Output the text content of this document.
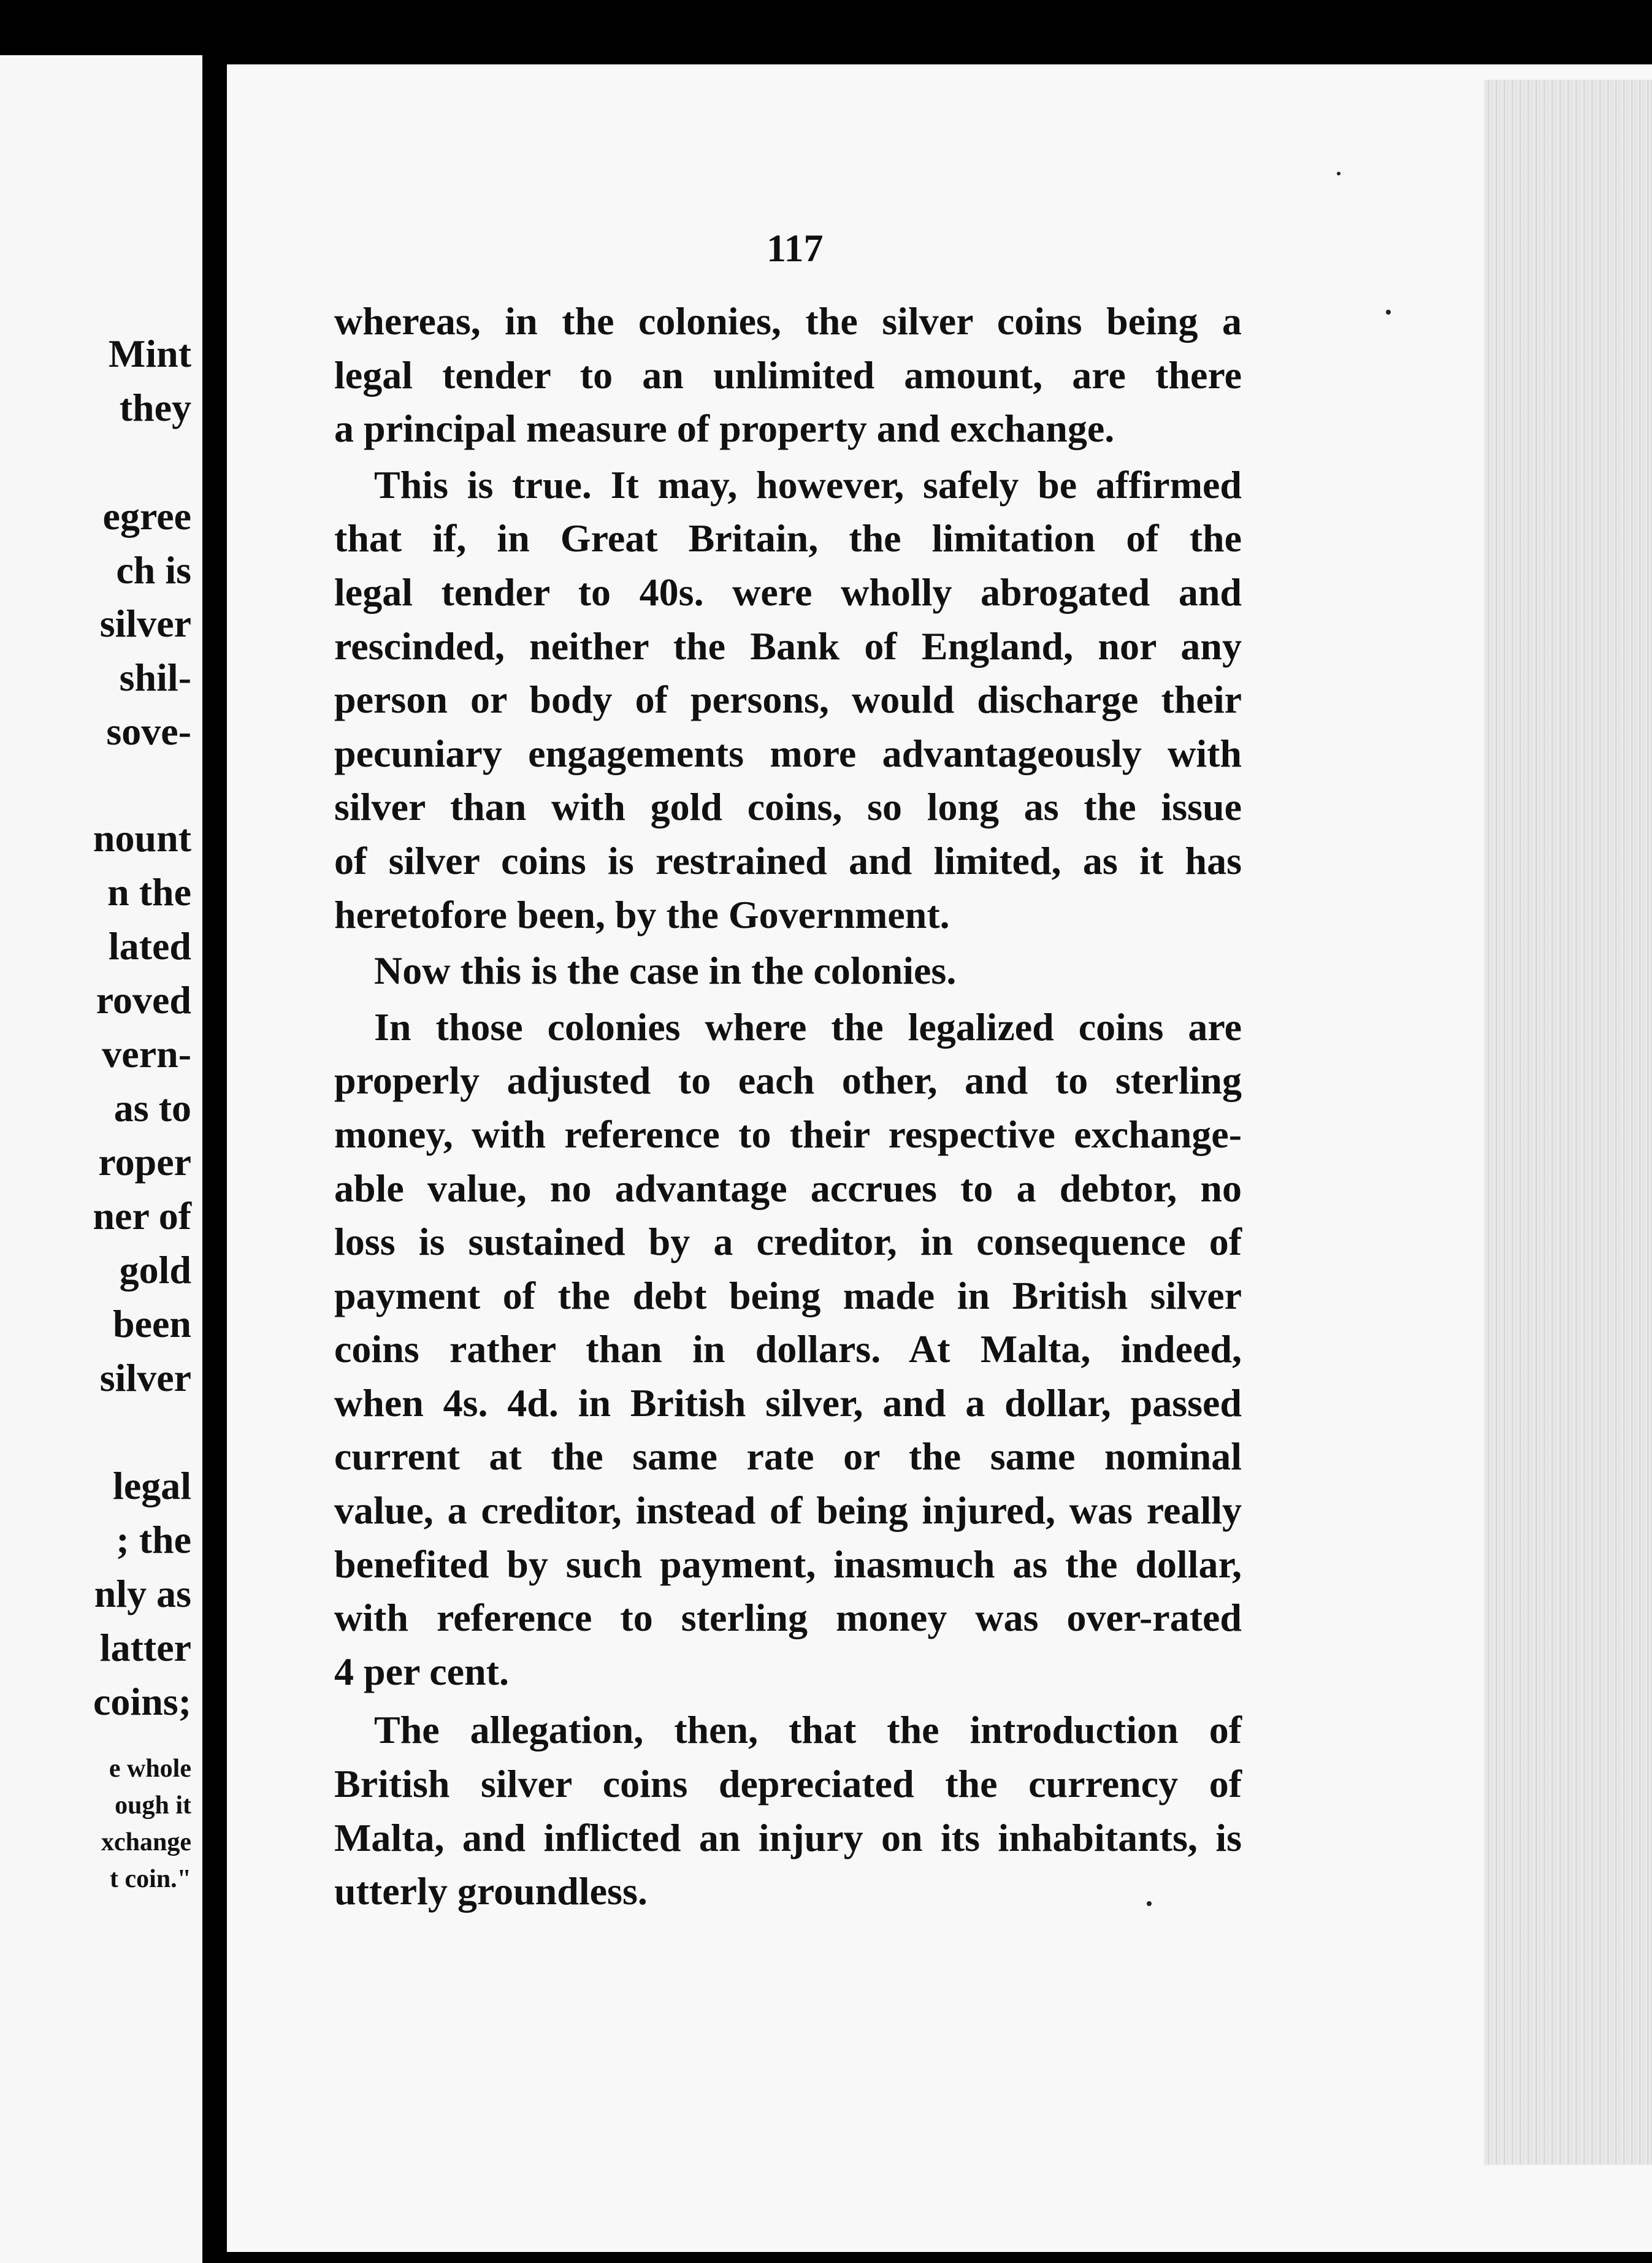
Mint
they
egree
ch is
silver
shil-
sove-
nount
n the
lated
roved
vern-
as to
roper
ner of
gold
been
silver
legal
; the
nly as
latter
coins;
e whole
ough it
xchange
t coin."
117
whereas, in the colonies, the silver coins being a
legal tender to an unlimited amount, are there
a principal measure of property and exchange.
This is true. It may, however, safely be affirmed
that if, in Great Britain, the limitation of the
legal tender to 40s. were wholly abrogated and
rescinded, neither the Bank of England, nor any
person or body of persons, would discharge their
pecuniary engagements more advantageously with
silver than with gold coins, so long as the issue
of silver coins is restrained and limited, as it has
heretofore been, by the Government.
Now this is the case in the colonies.
In those colonies where the legalized coins are
properly adjusted to each other, and to sterling
money, with reference to their respective exchange-
able value, no advantage accrues to a debtor, no
loss is sustained by a creditor, in consequence of
payment of the debt being made in British silver
coins rather than in dollars. At Malta, indeed,
when 4s. 4d. in British silver, and a dollar, passed
current at the same rate or the same nominal
value, a creditor, instead of being injured, was really
benefited by such payment, inasmuch as the dollar,
with reference to sterling money was over-rated
4 per cent.
The allegation, then, that the introduction of
British silver coins depreciated the currency of
Malta, and inflicted an injury on its inhabitants, is
utterly groundless.
